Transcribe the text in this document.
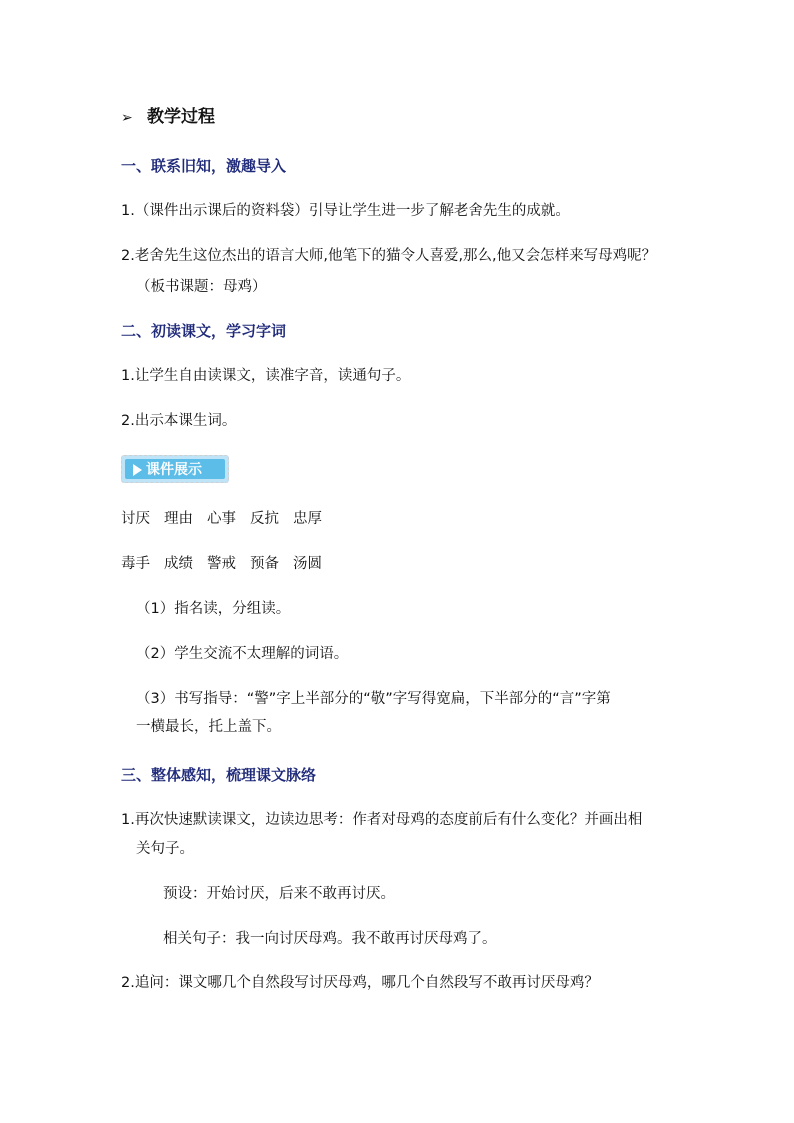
➢ 教学过程
一、联系旧知，激趣导入
1.（课件出示课后的资料袋）引导让学生进一步了解老舍先生的成就。
2.老舍先生这位杰出的语言大师,他笔下的猫令人喜爱,那么,他又会怎样来写母鸡呢？
（板书课题：母鸡）
二、初读课文，学习字词
1.让学生自由读课文，读准字音，读通句子。
2.出示本课生词。
课件展示
讨厌 理由 心事 反抗 忠厚
毒手 成绩 警戒 预备 汤圆
（1）指名读，分组读。
（2）学生交流不太理解的词语。
（3）书写指导：“警”字上半部分的“敬”字写得宽扁，下半部分的“言”字第
一横最长，托上盖下。
三、整体感知，梳理课文脉络
1.再次快速默读课文，边读边思考：作者对母鸡的态度前后有什么变化？并画出相
关句子。
预设：开始讨厌，后来不敢再讨厌。
相关句子：我一向讨厌母鸡。我不敢再讨厌母鸡了。
2.追问：课文哪几个自然段写讨厌母鸡，哪几个自然段写不敢再讨厌母鸡？
